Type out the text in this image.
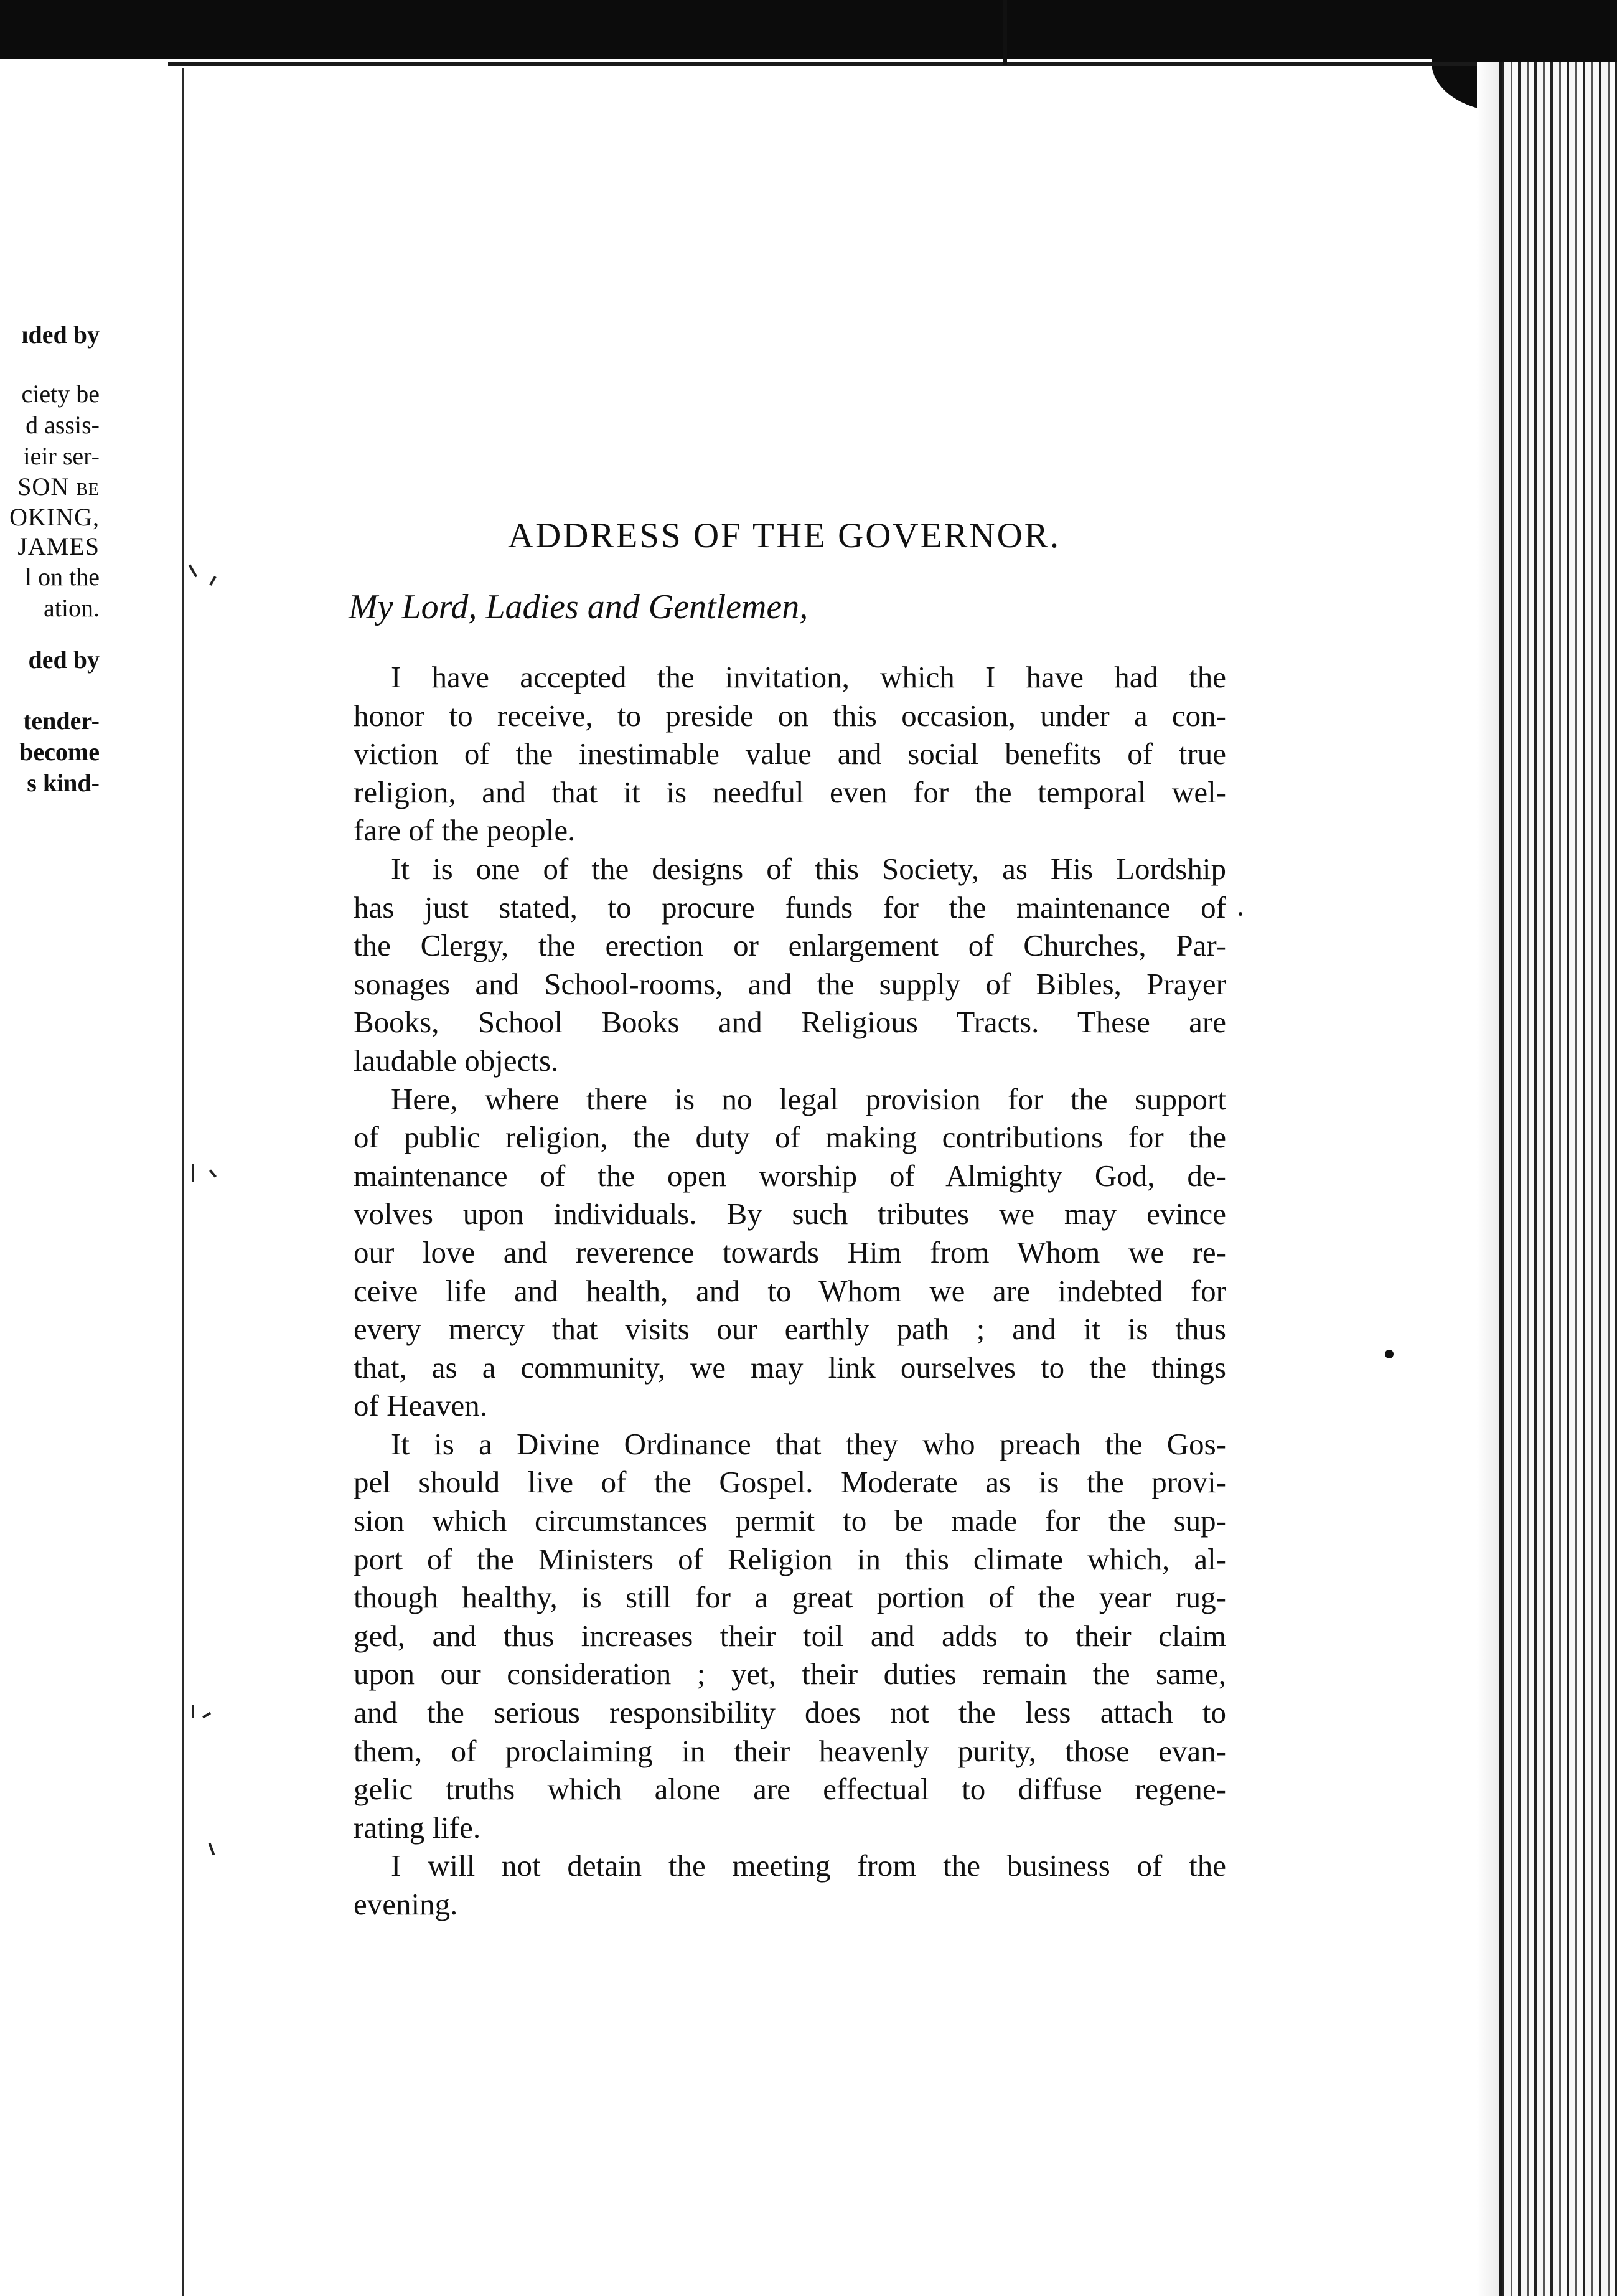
ıded by
ciety be
d assis-
ieir ser-
SON be
OKING,
JAMES
l on the
ation.
ded by
tender-
become
s kind-
ADDRESS OF THE GOVERNOR.
My Lord, Ladies and Gentlemen,
I have accepted the invitation, which I have had the
honor to receive, to preside on this occasion, under a con-
viction of the inestimable value and social benefits of true
religion, and that it is needful even for the temporal wel-
fare of the people.
It is one of the designs of this Society, as His Lordship
has just stated, to procure funds for the maintenance of
the Clergy, the erection or enlargement of Churches, Par-
sonages and School-rooms, and the supply of Bibles, Prayer
Books, School Books and Religious Tracts. These are
laudable objects.
Here, where there is no legal provision for the support
of public religion, the duty of making contributions for the
maintenance of the open worship of Almighty God, de-
volves upon individuals. By such tributes we may evince
our love and reverence towards Him from Whom we re-
ceive life and health, and to Whom we are indebted for
every mercy that visits our earthly path ; and it is thus
that, as a community, we may link ourselves to the things
of Heaven.
It is a Divine Ordinance that they who preach the Gos-
pel should live of the Gospel. Moderate as is the provi-
sion which circumstances permit to be made for the sup-
port of the Ministers of Religion in this climate which, al-
though healthy, is still for a great portion of the year rug-
ged, and thus increases their toil and adds to their claim
upon our consideration ; yet, their duties remain the same,
and the serious responsibility does not the less attach to
them, of proclaiming in their heavenly purity, those evan-
gelic truths which alone are effectual to diffuse regene-
rating life.
I will not detain the meeting from the business of the
evening.
